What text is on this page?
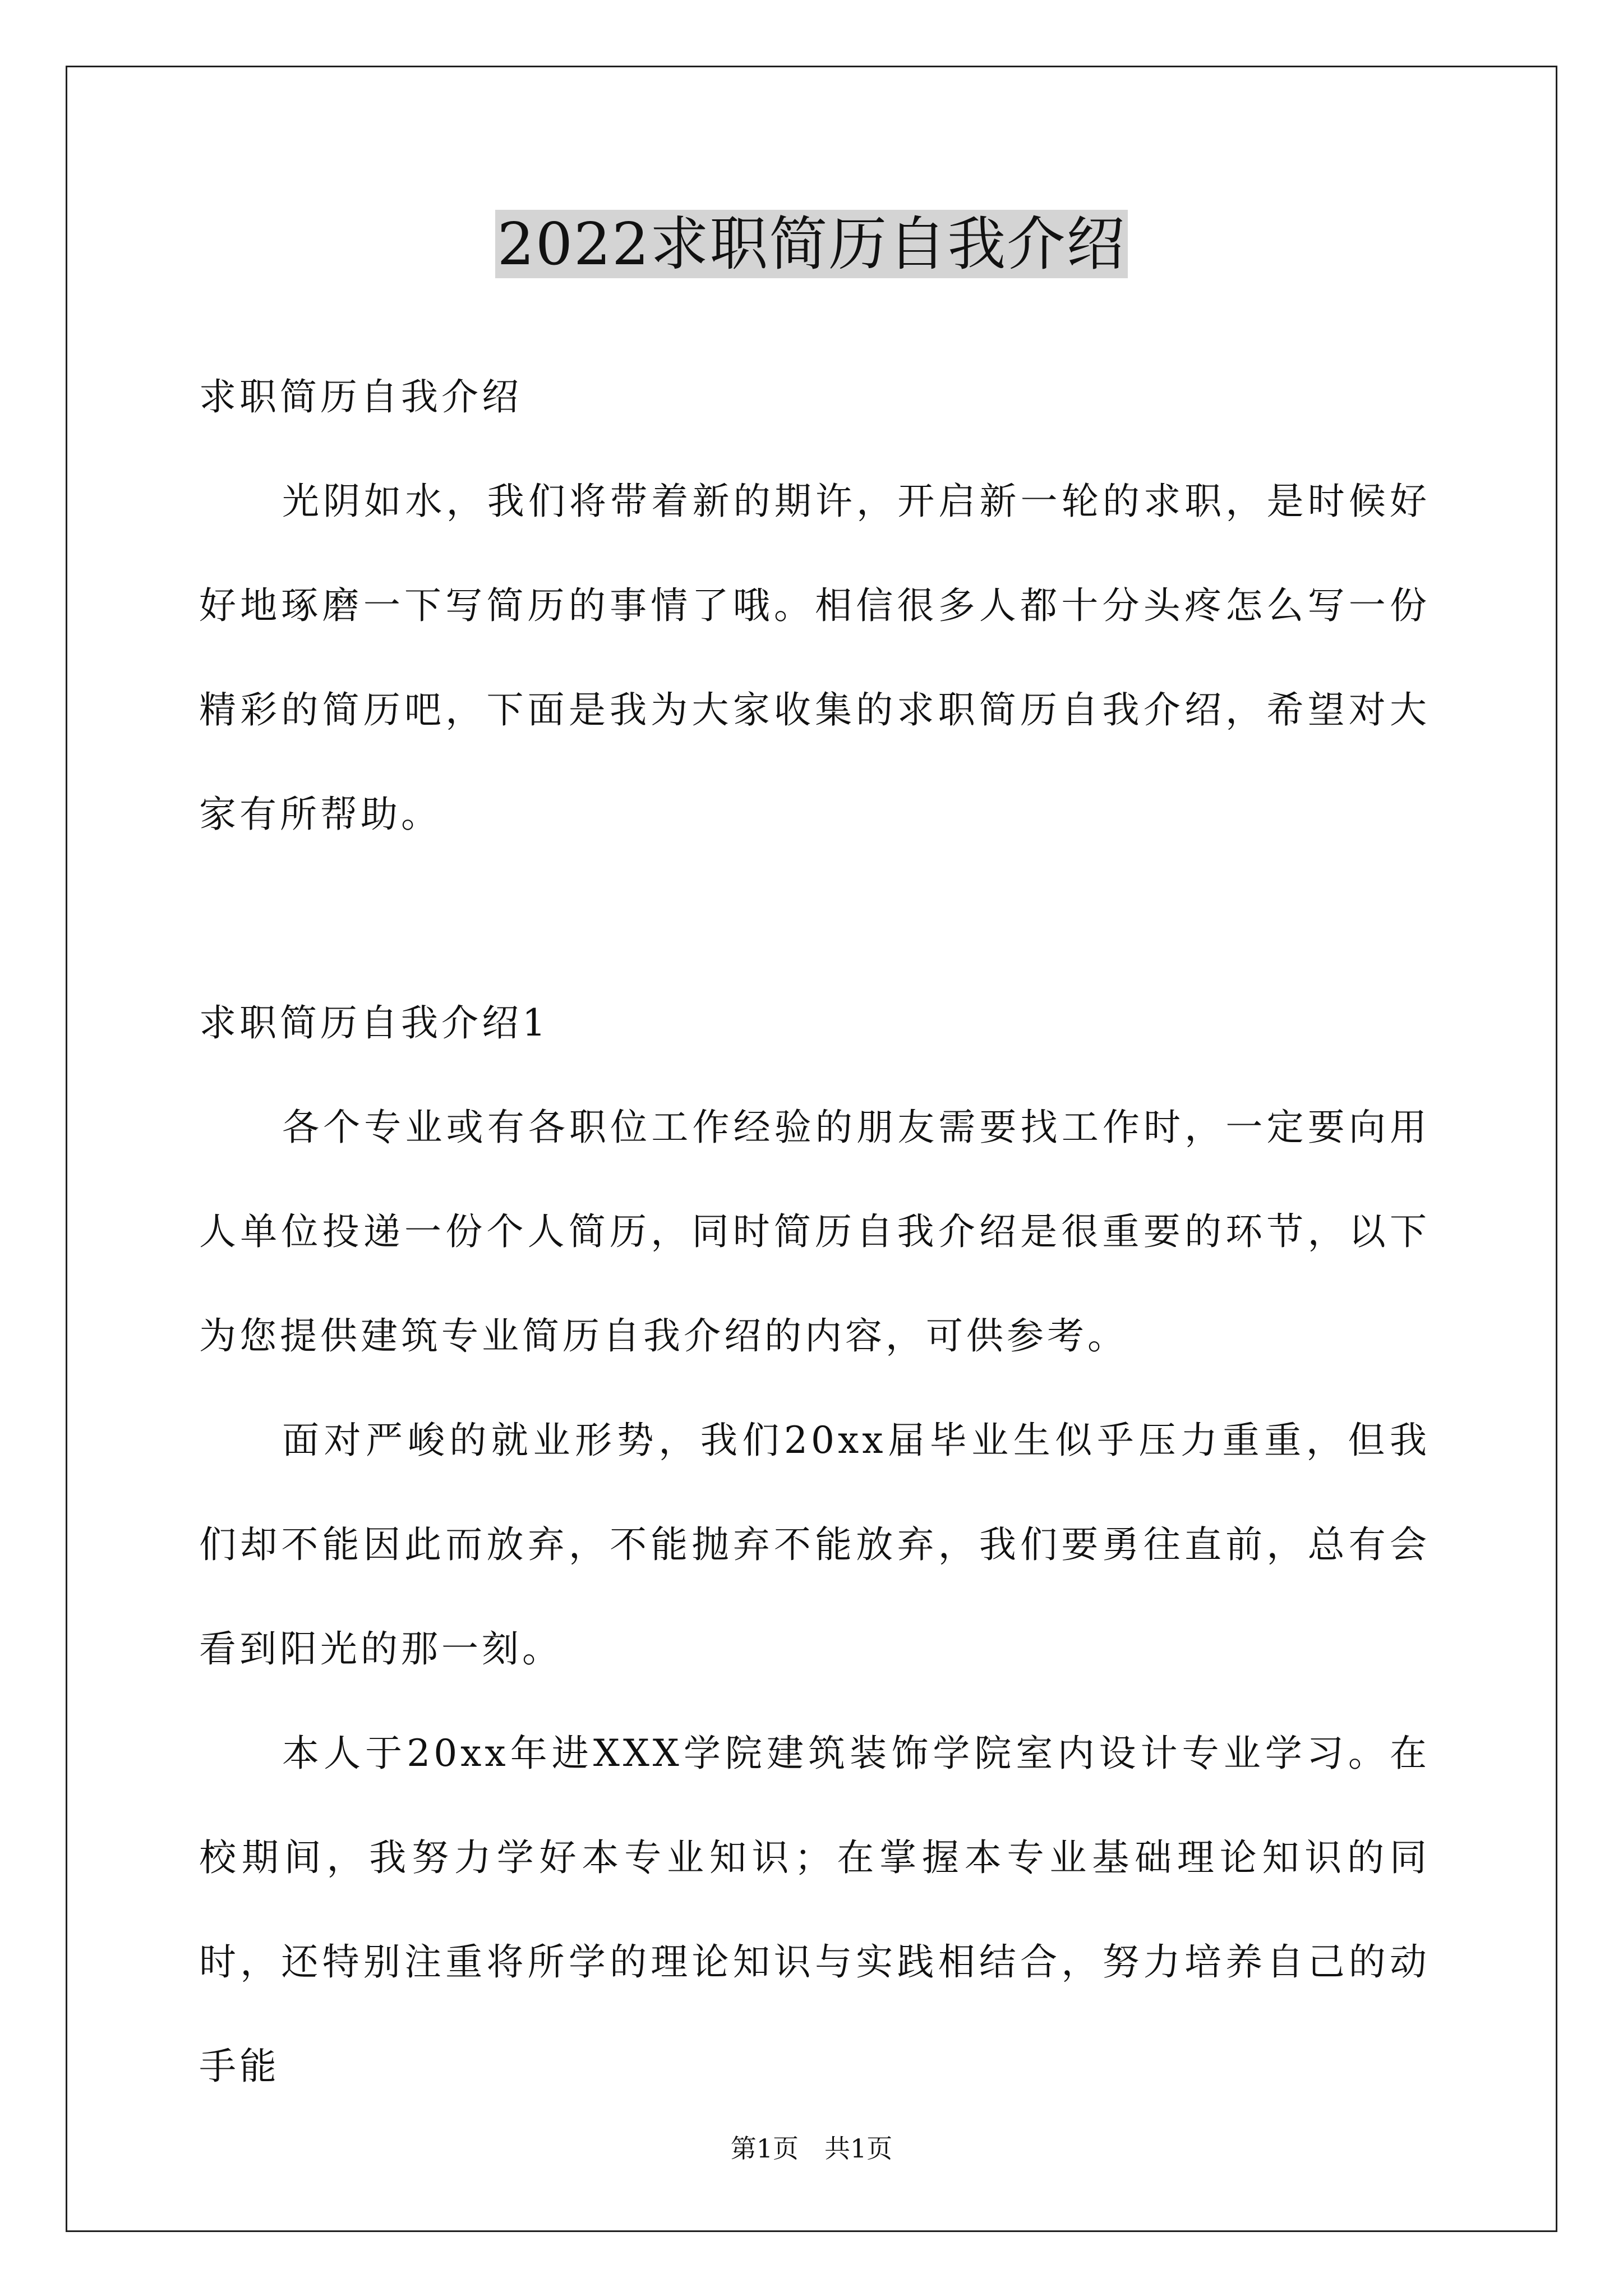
2022求职简历自我介绍

求职简历自我介绍

光阴如水，我们将带着新的期许，开启新一轮的求职，是时候好好地琢磨一下写简历的事情了哦。相信很多人都十分头疼怎么写一份精彩的简历吧，下面是我为大家收集的求职简历自我介绍，希望对大家有所帮助。

求职简历自我介绍1

各个专业或有各职位工作经验的朋友需要找工作时，一定要向用人单位投递一份个人简历，同时简历自我介绍是很重要的环节，以下为您提供建筑专业简历自我介绍的内容，可供参考。

面对严峻的就业形势，我们20xx届毕业生似乎压力重重，但我们却不能因此而放弃，不能抛弃不能放弃，我们要勇往直前，总有会看到阳光的那一刻。

本人于20xx年进XXX学院建筑装饰学院室内设计专业学习。在校期间，我努力学好本专业知识；在掌握本专业基础理论知识的同时，还特别注重将所学的理论知识与实践相结合，努力培养自己的动手能

第1页　共1页
